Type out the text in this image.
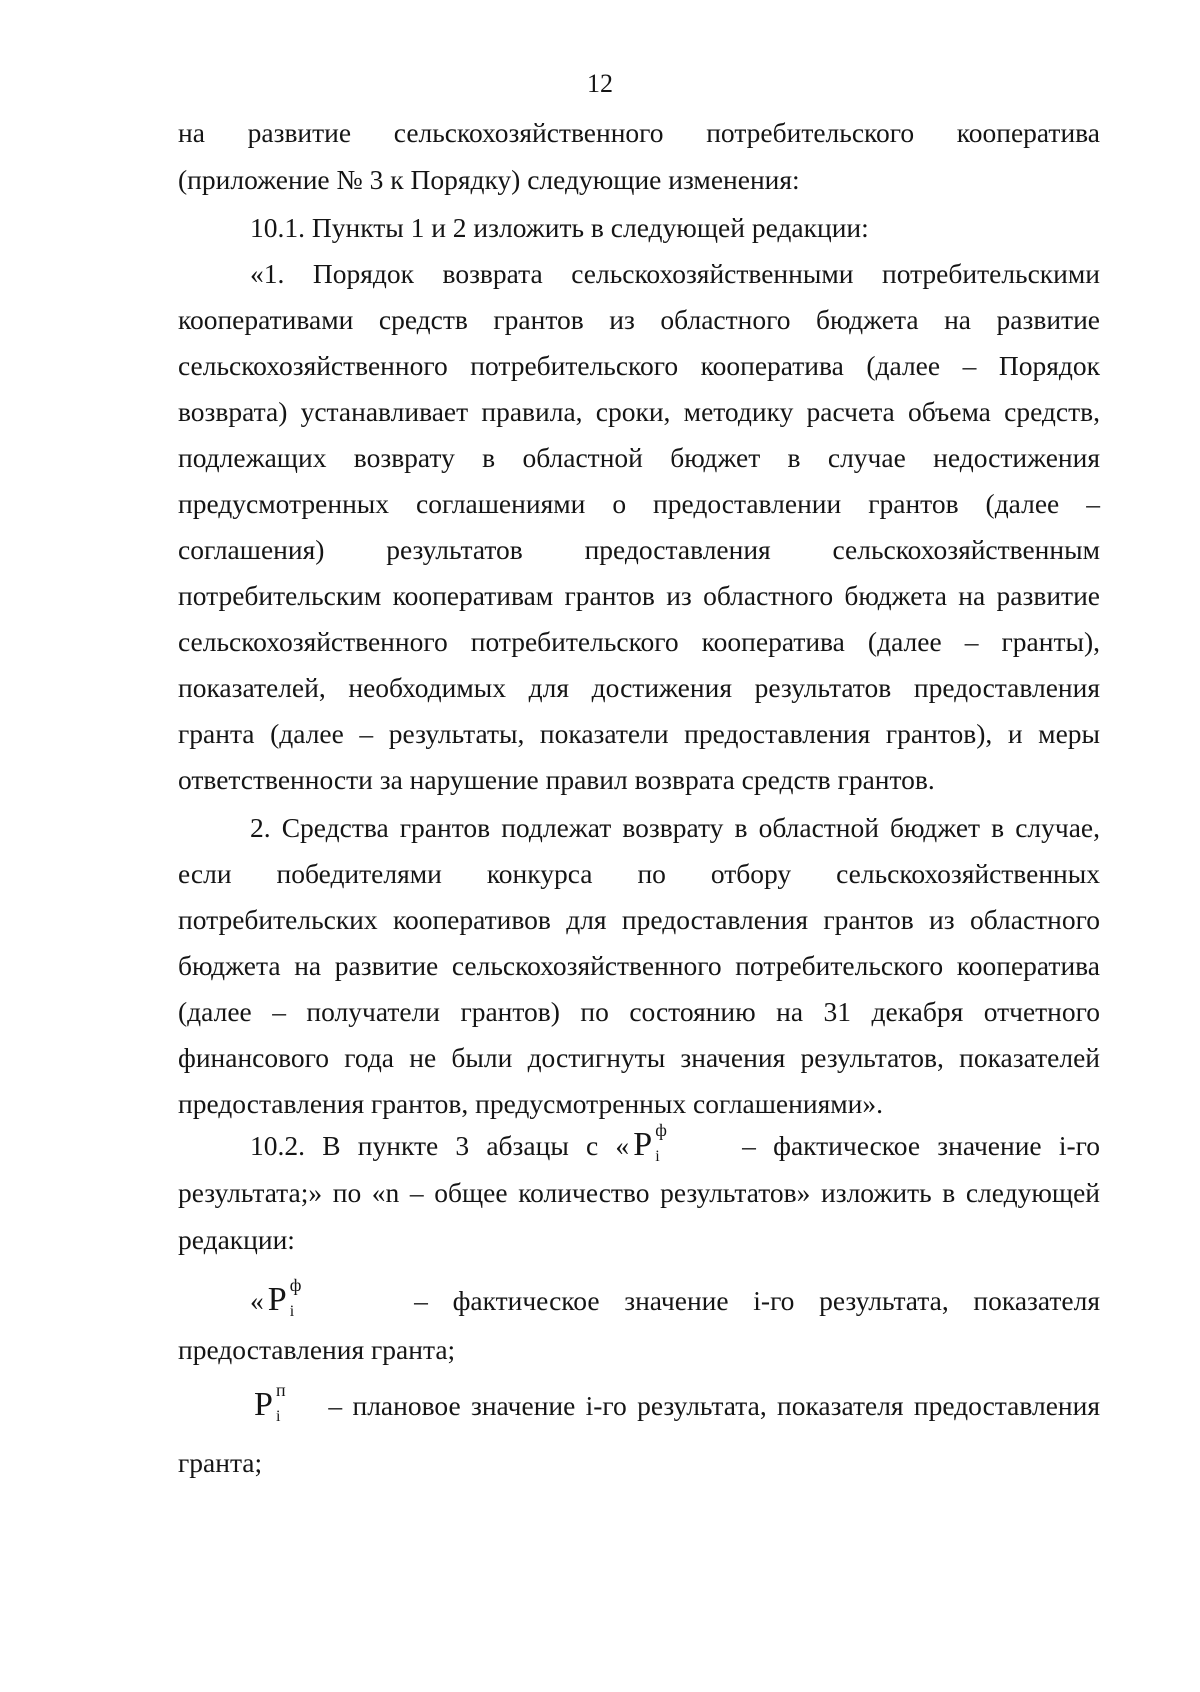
12
на развитие сельскохозяйственного потребительского кооператива
(приложение № 3 к Порядку) следующие изменения:
10.1. Пункты 1 и 2 изложить в следующей редакции:
«1. Порядок возврата сельскохозяйственными потребительскими
кооперативами средств грантов из областного бюджета на развитие
сельскохозяйственного потребительского кооператива (далее – Порядок
возврата) устанавливает правила, сроки, методику расчета объема средств,
подлежащих возврату в областной бюджет в случае недостижения
предусмотренных соглашениями о предоставлении грантов (далее –
соглашения) результатов предоставления сельскохозяйственным
потребительским кооперативам грантов из областного бюджета на развитие
сельскохозяйственного потребительского кооператива (далее – гранты),
показателей, необходимых для достижения результатов предоставления
гранта (далее – результаты, показатели предоставления грантов), и меры
ответственности за нарушение правил возврата средств грантов.
2. Средства грантов подлежат возврату в областной бюджет в случае,
если победителями конкурса по отбору сельскохозяйственных
потребительских кооперативов для предоставления грантов из областного
бюджета на развитие сельскохозяйственного потребительского кооператива
(далее – получатели грантов) по состоянию на 31 декабря отчетного
финансового года не были достигнуты значения результатов, показателей
предоставления грантов, предусмотренных соглашениями».
10.2. В пункте 3 абзацы с « P ф
i – фактическое значение i-го
результата;» по «n – общее количество результатов» изложить в следующей
редакции:
« P ф
i	– фактическое значение i-го результата, показателя
предоставления гранта;
P п
i – плановое значение i-го результата, показателя предоставления
гранта;
